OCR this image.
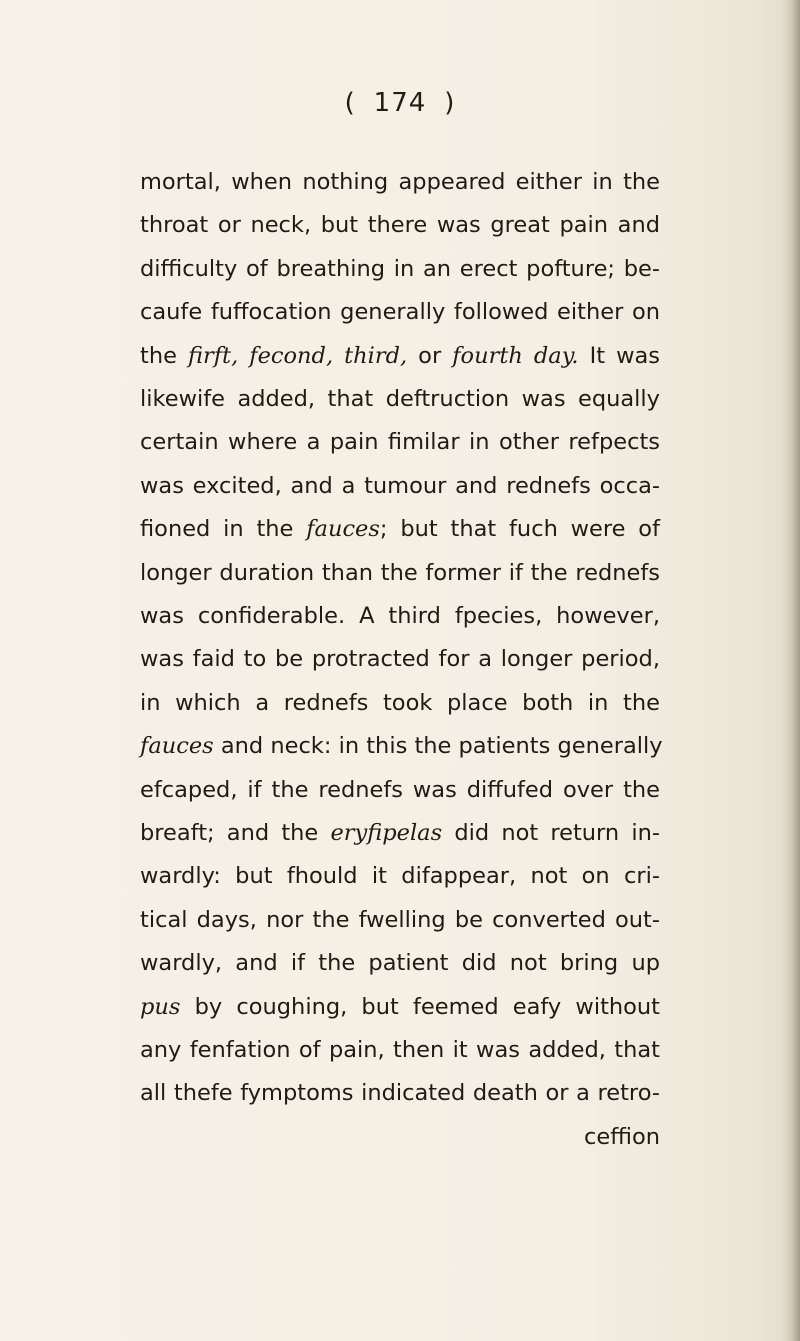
( 174 )
mortal, when nothing appeared either in the
throat or neck, but there was great pain and
difficulty of breathing in an erect pofture; be-
caufe fuffocation generally followed either on
the firft, fecond, third, or fourth day. It was
likewife added, that deftruction was equally
certain where a pain fimilar in other refpects
was excited, and a tumour and rednefs occa-
fioned in the fauces; but that fuch were of
longer duration than the former if the rednefs
was confiderable. A third fpecies, however,
was faid to be protracted for a longer period,
in which a rednefs took place both in the
fauces and neck: in this the patients generally
efcaped, if the rednefs was diffufed over the
breaft; and the eryfipelas did not return in-
wardly: but fhould it difappear, not on cri-
tical days, nor the fwelling be converted out-
wardly, and if the patient did not bring up
pus by coughing, but feemed eafy without
any fenfation of pain, then it was added, that
all thefe fymptoms indicated death or a retro-
ceffion
